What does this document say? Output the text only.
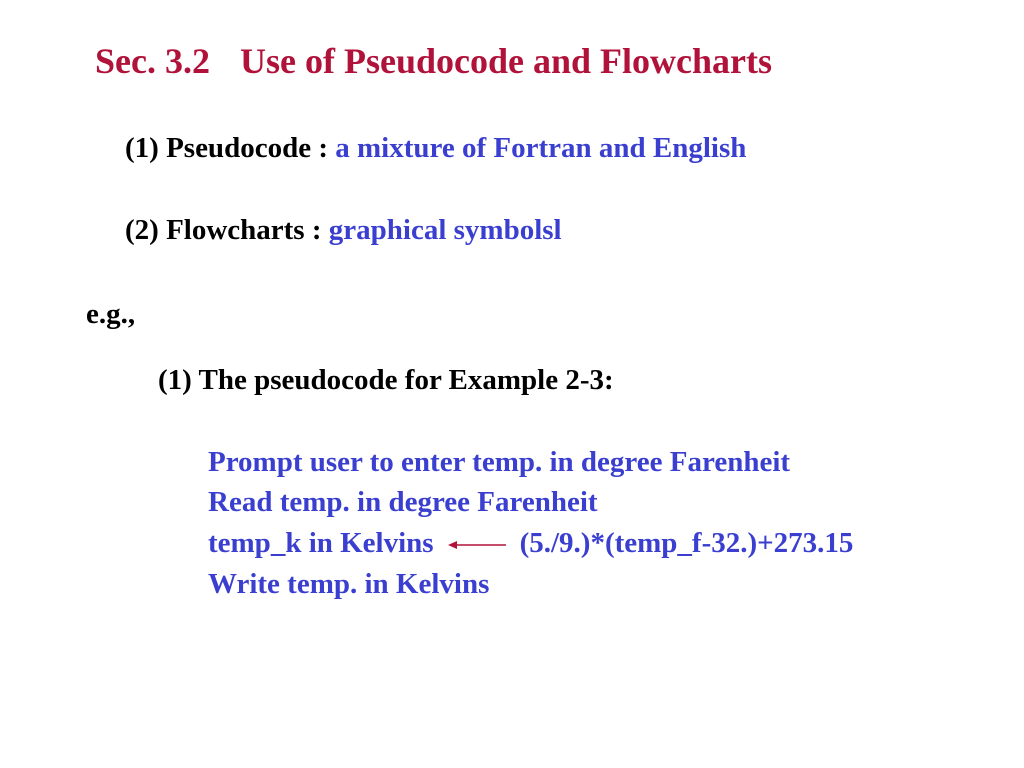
Sec. 3.2 Use of Pseudocode and Flowcharts
(1) Pseudocode : a mixture of Fortran and English
(2) Flowcharts : graphical symbolsl
e.g.,
(1) The pseudocode for Example 2-3:
Prompt user to enter temp. in degree Farenheit
Read temp. in degree Farenheit
temp_k in Kelvins	(5./9.)*(temp_f-32.)+273.15
Write temp. in Kelvins
